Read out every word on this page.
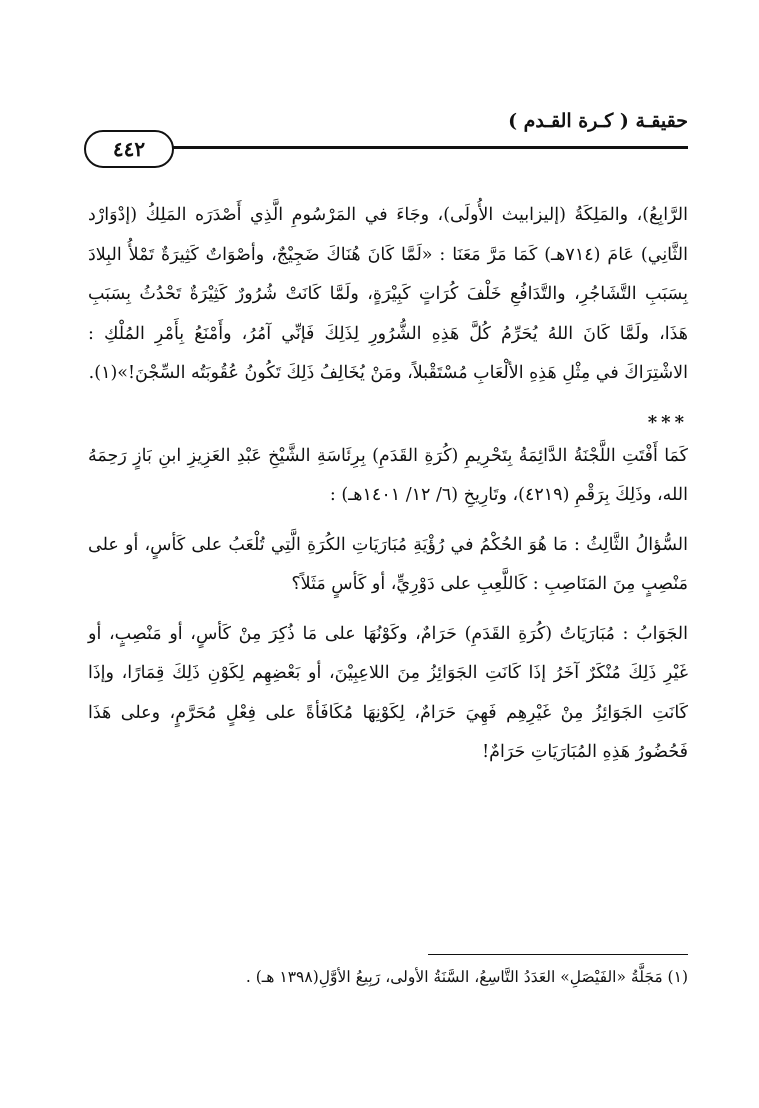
حقيقـة ( كـرة القـدم )
٤٤٢

الرَّابِعُ)، والمَلِكَةُ (إليزابيث الأُولَى)، وجَاءَ في المَرْسُومِ الَّذِي أَصْدَرَه المَلِكُ (إدْوَارْد الثَّانِي) عَامَ (٧١٤هـ) كَمَا مَرَّ مَعَنَا : «لَمَّا كَانَ هُنَاكَ ضَجِيْجٌ، وأصْوَاتٌ كَثِيرَةٌ تَمْلأُ البِلادَ بِسَبَبِ التَّشَاجُرِ، والتَّدَافُعِ خَلْفَ كُرَاتٍ كَبِيْرَةٍ، ولَمَّا كَانَتْ شُرُورٌ كَثِيْرَةٌ تَحْدُثُ بِسَبَبِ هَذَا، ولَمَّا كَانَ اللهُ يُحَرِّمُ كُلَّ هَذِهِ الشُّرُورِ لِذَلِكَ فَإنِّي آمُرُ، وأَمْنَعُ بِأَمْرِ المُلْكِ : الاشْتِرَاكَ في مِثْلِ هَذِهِ الألْعَابِ مُسْتَقْبلاً، ومَنْ يُخَالِفُ ذَلِكَ تَكُونُ عُقُوبَتُه السِّجْنَ!»(١).

***

كَمَا أَفْتَتِ اللَّجْنَةُ الدَّائِمَةُ بِتَحْرِيمِ (كُرَةِ القَدَمِ) بِرِئَاسَةِ الشَّيْخِ عَبْدِ العَزِيزِ ابنِ بَازٍ رَحِمَهُ الله، وذَلِكَ بِرَقْمِ (٤٢١٩)، وتَارِيخِ (٦/ ١٢/ ١٤٠١هـ) :

السُّؤالُ الثَّالِثُ : مَا هُوَ الحُكْمُ في رُؤْيَةِ مُبَارَيَاتِ الكُرَةِ الَّتِي تُلْعَبُ على كَأسٍ، أو على مَنْصِبٍ مِنَ المَنَاصِبِ : كَاللَّعِبِ على دَوْرِيٍّ، أو كَأسٍ مَثَلاً؟

الجَوَابُ : مُبَارَيَاتُ (كُرَةِ القَدَمِ) حَرَامٌ، وكَوْنُهَا على مَا ذُكِرَ مِنْ كَأسٍ، أو مَنْصِبٍ، أو غَيْرِ ذَلِكَ مُنْكَرٌ آخَرُ إذَا كَانَتِ الجَوَائِزُ مِنَ اللاعِبِيْنَ، أو بَعْضِهِم لِكَوْنِ ذَلِكَ قِمَارًا، وإذَا كَانَتِ الجَوَائِزُ مِنْ غَيْرِهِم فَهِيَ حَرَامٌ، لِكَوْنِهَا مُكَافَأةً على فِعْلٍ مُحَرَّمٍ، وعلى هَذَا فَحُضُورُ هَذِهِ المُبَارَيَاتِ حَرَامٌ!

(١) مَجَلَّةُ «الفَيْصَلِ» العَدَدُ التَّاسِعُ، السَّنَةُ الأولى، رَبِيعُ الأوَّلِ(١٣٩٨ هـ) .
